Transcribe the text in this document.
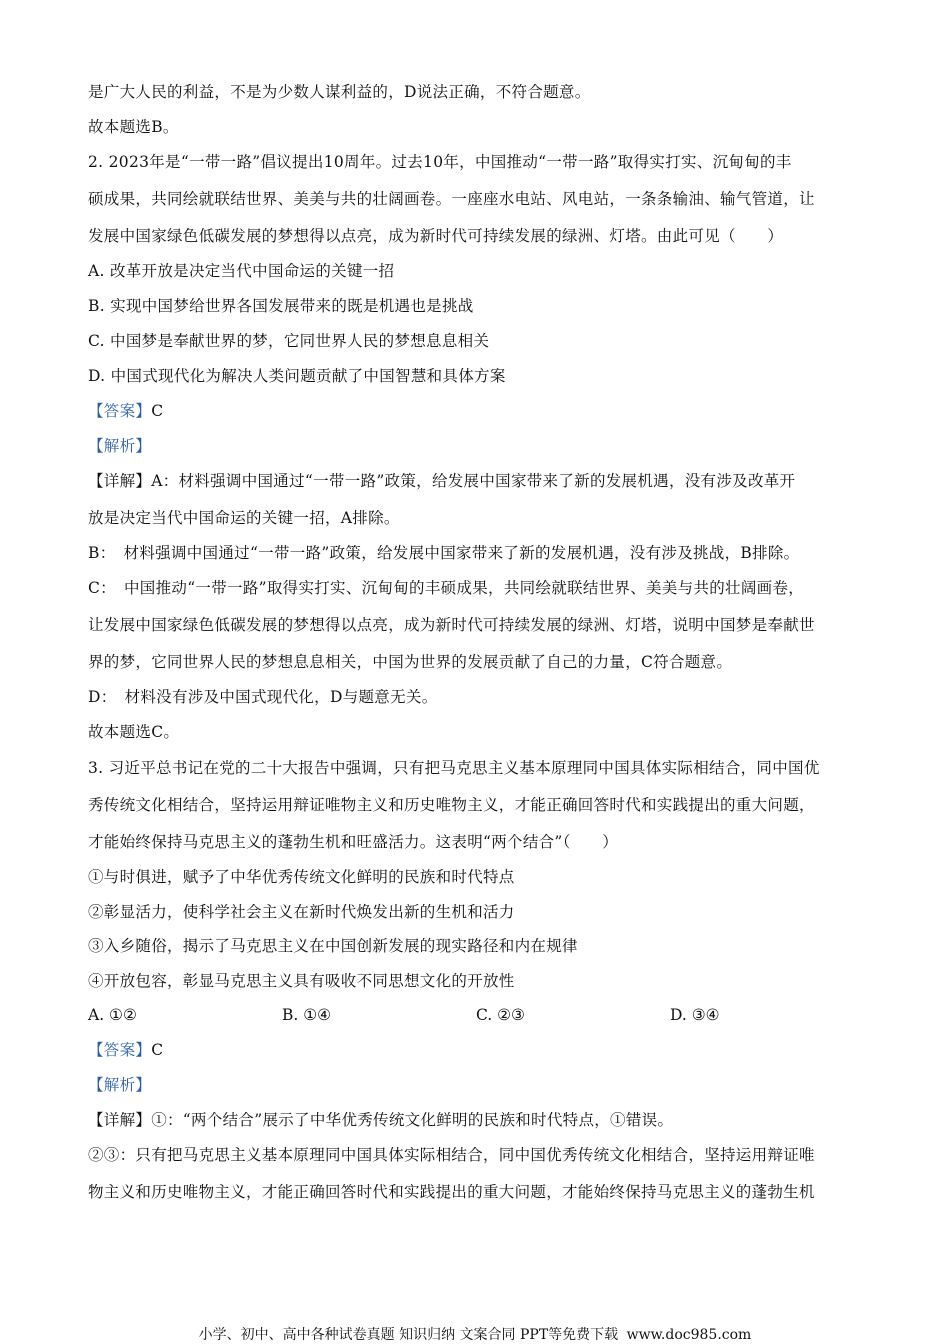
是广大人民的利益，不是为少数人谋利益的，D说法正确，不符合题意。
故本题选B。
2. 2023年是“一带一路”倡议提出10周年。过去10年，中国推动“一带一路”取得实打实、沉甸甸的丰
硕成果，共同绘就联结世界、美美与共的壮阔画卷。一座座水电站、风电站，一条条输油、输气管道，让
发展中国家绿色低碳发展的梦想得以点亮，成为新时代可持续发展的绿洲、灯塔。由此可见（　　）
A. 改革开放是决定当代中国命运的关键一招
B. 实现中国梦给世界各国发展带来的既是机遇也是挑战
C. 中国梦是奉献世界的梦，它同世界人民的梦想息息相关
D. 中国式现代化为解决人类问题贡献了中国智慧和具体方案
【答案】C
【解析】
【详解】A：材料强调中国通过“一带一路”政策，给发展中国家带来了新的发展机遇，没有涉及改革开
放是决定当代中国命运的关键一招，A排除。
B：　材料强调中国通过“一带一路”政策，给发展中国家带来了新的发展机遇，没有涉及挑战，B排除。
C：　中国推动“一带一路”取得实打实、沉甸甸的丰硕成果，共同绘就联结世界、美美与共的壮阔画卷，
让发展中国家绿色低碳发展的梦想得以点亮，成为新时代可持续发展的绿洲、灯塔，说明中国梦是奉献世
界的梦，它同世界人民的梦想息息相关，中国为世界的发展贡献了自己的力量，C符合题意。
D：　材料没有涉及中国式现代化，D与题意无关。
故本题选C。
3. 习近平总书记在党的二十大报告中强调，只有把马克思主义基本原理同中国具体实际相结合，同中国优
秀传统文化相结合，坚持运用辩证唯物主义和历史唯物主义，才能正确回答时代和实践提出的重大问题，
才能始终保持马克思主义的蓬勃生机和旺盛活力。这表明“两个结合”（　　）
①与时俱进，赋予了中华优秀传统文化鲜明的民族和时代特点
②彰显活力，使科学社会主义在新时代焕发出新的生机和活力
③入乡随俗，揭示了马克思主义在中国创新发展的现实路径和内在规律
④开放包容，彰显马克思主义具有吸收不同思想文化的开放性
A. ①②	B. ①④	C. ②③	D. ③④
【答案】C
【解析】
【详解】①：“两个结合”展示了中华优秀传统文化鲜明的民族和时代特点，①错误。
②③：只有把马克思主义基本原理同中国具体实际相结合，同中国优秀传统文化相结合，坚持运用辩证唯
物主义和历史唯物主义，才能正确回答时代和实践提出的重大问题，才能始终保持马克思主义的蓬勃生机
小学、初中、高中各种试卷真题 知识归纳 文案合同 PPT等免费下载 www.doc985.com
